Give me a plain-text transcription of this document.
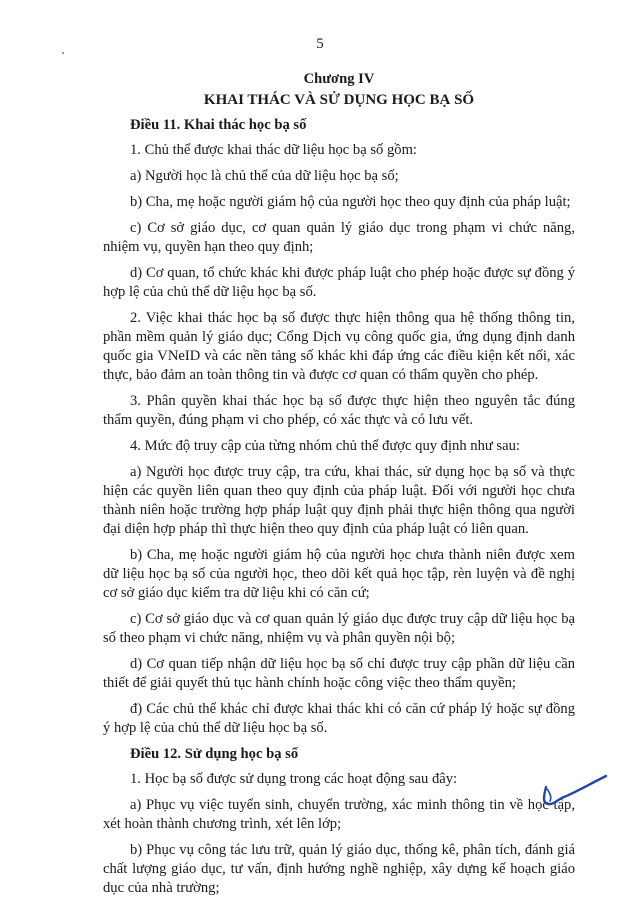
5
Chương IV
KHAI THÁC VÀ SỬ DỤNG HỌC BẠ SỐ
Điều 11. Khai thác học bạ số

1. Chủ thể được khai thác dữ liệu học bạ số gồm:

a) Người học là chủ thể của dữ liệu học bạ số;

b) Cha, mẹ hoặc người giám hộ của người học theo quy định của pháp luật;

c) Cơ sở giáo dục, cơ quan quản lý giáo dục trong phạm vi chức năng, nhiệm vụ, quyền hạn theo quy định;

d) Cơ quan, tổ chức khác khi được pháp luật cho phép hoặc được sự đồng ý hợp lệ của chủ thể dữ liệu học bạ số.

2. Việc khai thác học bạ số được thực hiện thông qua hệ thống thông tin, phần mềm quản lý giáo dục; Cổng Dịch vụ công quốc gia, ứng dụng định danh quốc gia VNeID và các nền tảng số khác khi đáp ứng các điều kiện kết nối, xác thực, bảo đảm an toàn thông tin và được cơ quan có thẩm quyền cho phép.

3. Phân quyền khai thác học bạ số được thực hiện theo nguyên tắc đúng thẩm quyền, đúng phạm vi cho phép, có xác thực và có lưu vết.

4. Mức độ truy cập của từng nhóm chủ thể được quy định như sau:

a) Người học được truy cập, tra cứu, khai thác, sử dụng học bạ số và thực hiện các quyền liên quan theo quy định của pháp luật. Đối với người học chưa thành niên hoặc trường hợp pháp luật quy định phải thực hiện thông qua người đại diện hợp pháp thì thực hiện theo quy định của pháp luật có liên quan.

b) Cha, mẹ hoặc người giám hộ của người học chưa thành niên được xem dữ liệu học bạ số của người học, theo dõi kết quả học tập, rèn luyện và đề nghị cơ sở giáo dục kiểm tra dữ liệu khi có căn cứ;

c) Cơ sở giáo dục và cơ quan quản lý giáo dục được truy cập dữ liệu học bạ số theo phạm vi chức năng, nhiệm vụ và phân quyền nội bộ;

d) Cơ quan tiếp nhận dữ liệu học bạ số chỉ được truy cập phần dữ liệu cần thiết để giải quyết thủ tục hành chính hoặc công việc theo thẩm quyền;

đ) Các chủ thể khác chỉ được khai thác khi có căn cứ pháp lý hoặc sự đồng ý hợp lệ của chủ thể dữ liệu học bạ số.

Điều 12. Sử dụng học bạ số

1. Học bạ số được sử dụng trong các hoạt động sau đây:

a) Phục vụ việc tuyển sinh, chuyển trường, xác minh thông tin về học tập, xét hoàn thành chương trình, xét lên lớp;

b) Phục vụ công tác lưu trữ, quản lý giáo dục, thống kê, phân tích, đánh giá chất lượng giáo dục, tư vấn, định hướng nghề nghiệp, xây dựng kế hoạch giáo dục của nhà trường;
